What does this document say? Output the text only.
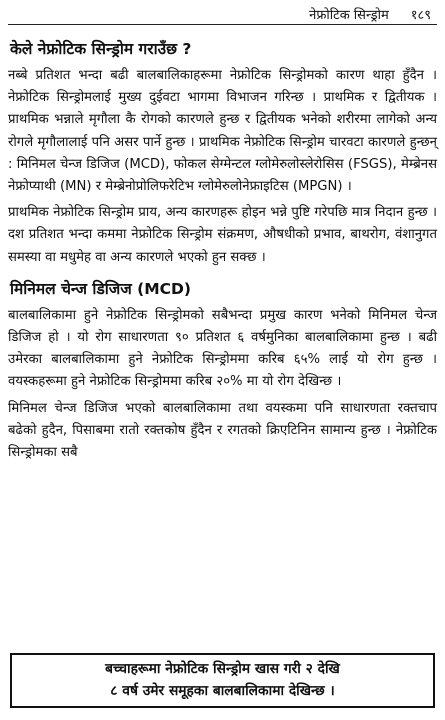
नेफ्रोटिक सिन्ड्रोम १८९
केले नेफ्रोटिक सिन्ड्रोम गराउँछ ?

नब्बे प्रतिशत भन्दा बढी बालबालिकाहरूमा नेफ्रोटिक सिन्ड्रोमको कारण थाहा हुँदैन । नेफ्रोटिक सिन्ड्रोमलाई मुख्य दुईवटा भागमा विभाजन गरिन्छ । प्राथमिक र द्वितीयक । प्राथमिक भन्नाले मृगौला कै रोगको कारणले हुन्छ र द्वितीयक भनेको शरीरमा लागेको अन्य रोगले मृगौलालाई पनि असर पार्ने हुन्छ । प्राथमिक नेफ्रोटिक सिन्ड्रोम चारवटा कारणले हुन्छन् : मिनिमल चेन्ज डिजिज (MCD), फोकल सेग्मेन्टल ग्लोमेरुलोस्लेरोसिस (FSGS), मेम्ब्रेनस नेफ्रोप्याथी (MN) र मेम्ब्रेनोप्रोलिफरेटिभ ग्लोमेरुलोनेफ्राइटिस (MPGN) ।

प्राथमिक नेफ्रोटिक सिन्ड्रोम प्राय, अन्य कारणहरू होइन भन्ने पुष्टि गरेपछि मात्र निदान हुन्छ । दश प्रतिशत भन्दा कममा नेफ्रोटिक सिन्ड्रोम संक्रमण, औषधीको प्रभाव, बाथरोग, वंशानुगत समस्या वा मधुमेह वा अन्य कारणले भएको हुन सक्छ ।

मिनिमल चेन्ज डिजिज (MCD)

बालबालिकामा हुने नेफ्रोटिक सिन्ड्रोमको सबैभन्दा प्रमुख कारण भनेको मिनिमल चेन्ज डिजिज हो । यो रोग साधारणता ९० प्रतिशत ६ वर्षमुनिका बालबालिकामा हुन्छ । बढी उमेरका बालबालिकामा हुने नेफ्रोटिक सिन्ड्रोममा करिब ६५% लाई यो रोग हुन्छ । वयस्कहरूमा हुने नेफ्रोटिक सिन्ड्रोममा करिब २०% मा यो रोग देखिन्छ ।

मिनिमल चेन्ज डिजिज भएको बालबालिकामा तथा वयस्कमा पनि साधारणता रक्तचाप बढेको हुदैन, पिसाबमा रातो रक्तकोष हुँदैन र रगतको क्रिएटिनिन सामान्य हुन्छ । नेफ्रोटिक सिन्ड्रोमका सबै

बच्चाहरूमा नेफ्रोटिक सिन्ड्रोम खास गरी २ देखि
८ वर्ष उमेर समूहका बालबालिकामा देखिन्छ ।
